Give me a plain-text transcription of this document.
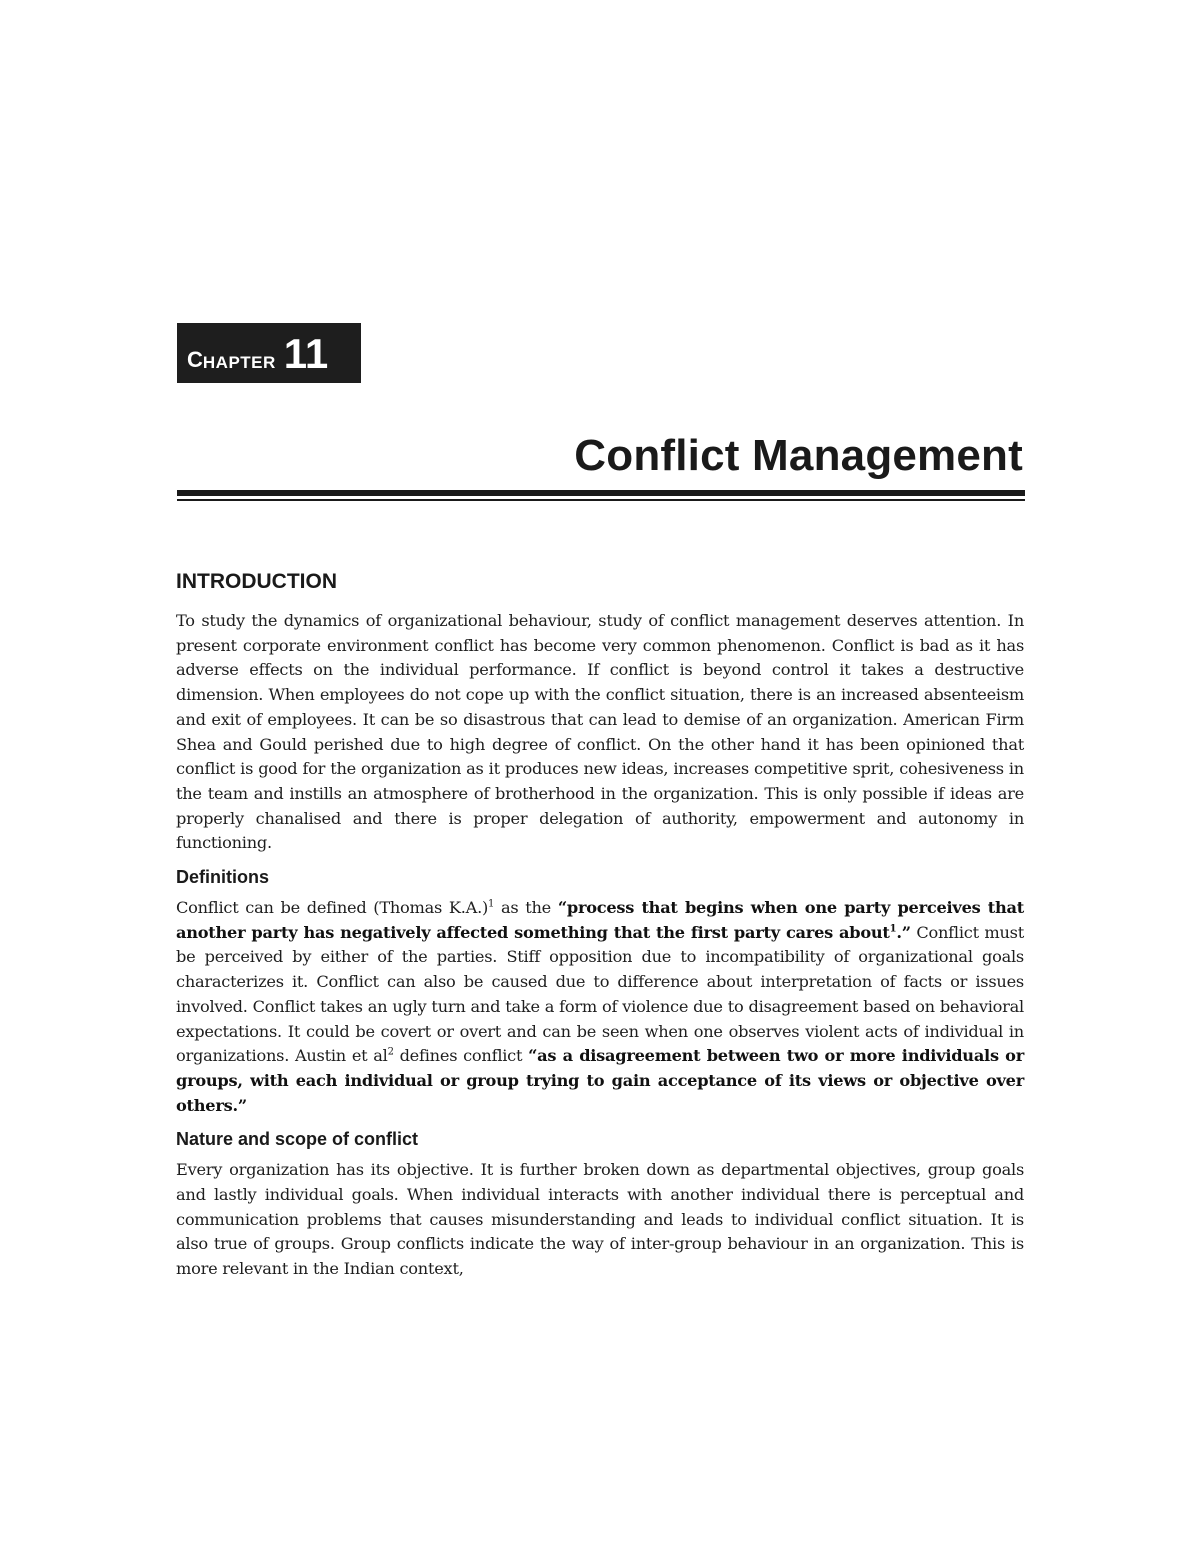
C HAPTER 11
Conflict Management
INTRODUCTION

To study the dynamics of organizational behaviour, study of conflict management deserves attention. In present corporate environment conflict has become very common phenomenon. Conflict is bad as it has adverse effects on the individual performance. If conflict is beyond control it takes a destructive dimension. When employees do not cope up with the conflict situation, there is an increased absenteeism and exit of employees. It can be so disastrous that can lead to demise of an organization. American Firm Shea and Gould perished due to high degree of conflict. On the other hand it has been opinioned that conflict is good for the organization as it produces new ideas, increases competitive sprit, cohesiveness in the team and instills an atmosphere of brotherhood in the organization. This is only possible if ideas are properly chanalised and there is proper delegation of authority, empowerment and autonomy in functioning.

Definitions

Conflict can be defined (Thomas K.A.)$^1$ as the “process that begins when one party perceives that another party has negatively affected something that the first party cares about$^1$.” Conflict must be perceived by either of the parties. Stiff opposition due to incompatibility of organizational goals characterizes it. Conflict can also be caused due to difference about interpretation of facts or issues involved. Conflict takes an ugly turn and take a form of violence due to disagreement based on behavioral expectations. It could be covert or overt and can be seen when one observes violent acts of individual in organizations. Austin et $al^2$ defines conflict “as a disagreement between two or more individuals or groups, with each individual or group trying to gain acceptance of its views or objective over others.”

Nature and scope of conflict

Every organization has its objective. It is further broken down as departmental objectives, group goals and lastly individual goals. When individual interacts with another individual there is perceptual and communication problems that causes misunderstanding and leads to individual conflict situation. It is also true of groups. Group conflicts indicate the way of inter-group behaviour in an organization. This is more relevant in the Indian context,
